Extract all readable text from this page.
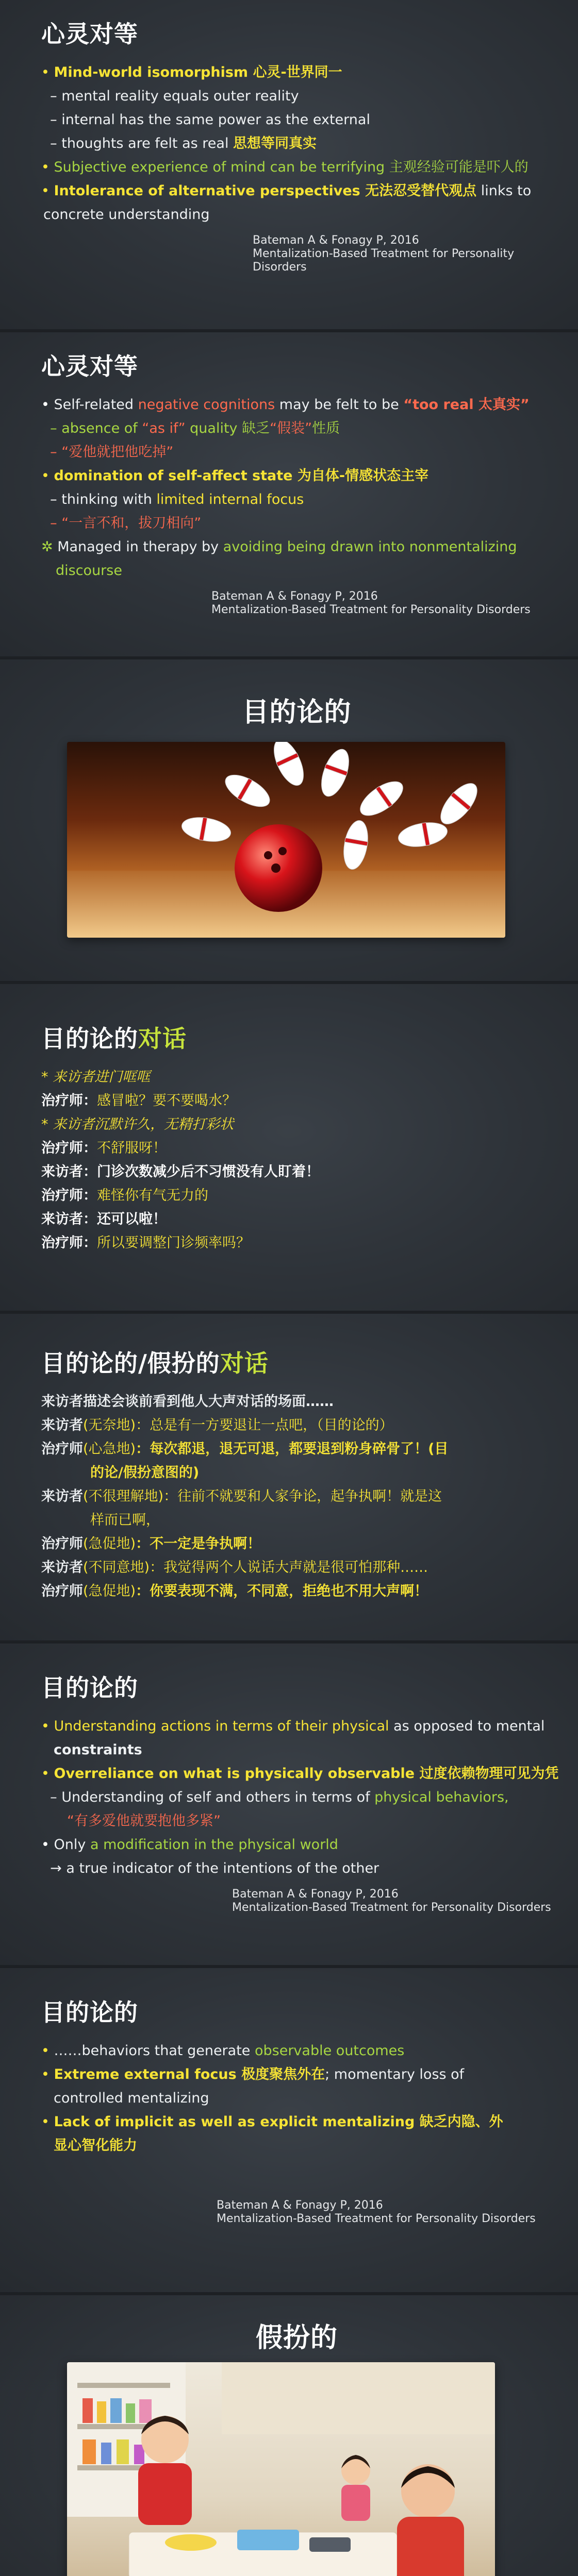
心灵对等

• Mind-world isomorphism 心灵-世界同一

– mental reality equals outer reality

– internal has the same power as the external

– thoughts are felt as real 思想等同真实

• Subjective experience of mind can be terrifying 主观经验可能是吓人的

• Intolerance of alternative perspectives 无法忍受替代观点 links to

concrete understanding

Bateman A & Fonagy P, 2016
Mentalization-Based Treatment for Personality Disorders
心灵对等

• Self-related negative cognitions may be felt to be “too real 太真实”

– absence of “as if” quality 缺乏“假装”性质

– “爱他就把他吃掉”

• domination of self-affect state 为自体-情感状态主宰

– thinking with limited internal focus

– “一言不和，拔刀相向”

✲ Managed in therapy by avoiding being drawn into nonmentalizing

discourse

Bateman A & Fonagy P, 2016
Mentalization-Based Treatment for Personality Disorders
目的论的
目的论的对话

* 来访者进门哐哐

治疗师：感冒啦？要不要喝水？

* 来访者沉默许久，无精打彩状

治疗师：不舒服呀！

来访者：门诊次数减少后不习惯没有人盯着！

治疗师：难怪你有气无力的

来访者：还可以啦！

治疗师：所以要调整门诊频率吗？

目的论的/假扮的对话

来访者描述会谈前看到他人大声对话的场面……

来访者(无奈地)：总是有一方要退让一点吧，（目的论的）

治疗师(心急地)：每次都退，退无可退，都要退到粉身碎骨了！(目

的论/假扮意图的)

来访者(不很理解地)：往前不就要和人家争论，起争执啊！就是这

样而已啊，

治疗师(急促地)：不一定是争执啊！

来访者(不同意地)：我觉得两个人说话大声就是很可怕那种……

治疗师(急促地)：你要表现不满，不同意，拒绝也不用大声啊！

目的论的

• Understanding actions in terms of their physical as opposed to mental

constraints

• Overreliance on what is physically observable 过度依赖物理可见为凭

– Understanding of self and others in terms of physical behaviors,

“有多爱他就要抱他多紧”

• Only a modification in the physical world

→ a true indicator of the intentions of the other

Bateman A & Fonagy P, 2016
Mentalization-Based Treatment for Personality Disorders
目的论的

• ……behaviors that generate observable outcomes

• Extreme external focus 极度聚焦外在; momentary loss of

controlled mentalizing

• Lack of implicit as well as explicit mentalizing 缺乏内隐、外

显心智化能力

Bateman A & Fonagy P, 2016
Mentalization-Based Treatment for Personality Disorders
假扮的
